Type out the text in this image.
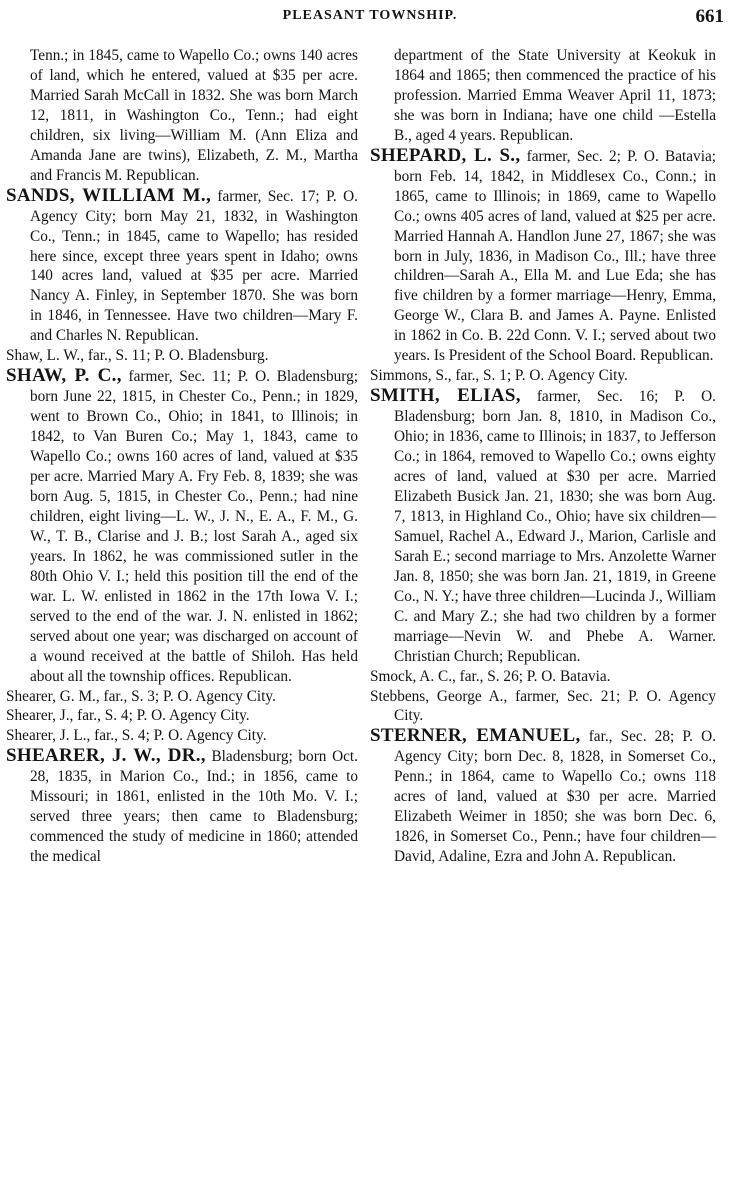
PLEASANT TOWNSHIP.	661

Tenn.; in 1845, came to Wapello Co.; owns 140 acres of land, which he entered, valued at $35 per acre. Married Sarah McCall in 1832. She was born March 12, 1811, in Washington Co., Tenn.; had eight children, six living—William M. (Ann Eliza and Amanda Jane are twins), Elizabeth, Z. M., Martha and Francis M. Republican.

SANDS, WILLIAM M., farmer, Sec. 17; P. O. Agency City; born May 21, 1832, in Washington Co., Tenn.; in 1845, came to Wapello; has resided here since, except three years spent in Idaho; owns 140 acres land, valued at $35 per acre. Married Nancy A. Finley, in September 1870. She was born in 1846, in Tennessee. Have two children—Mary F. and Charles N. Republican.

Shaw, L. W., far., S. 11; P. O. Bladensburg.

SHAW, P. C., farmer, Sec. 11; P. O. Bladensburg; born June 22, 1815, in Chester Co., Penn.; in 1829, went to Brown Co., Ohio; in 1841, to Illinois; in 1842, to Van Buren Co.; May 1, 1843, came to Wapello Co.; owns 160 acres of land, valued at $35 per acre. Married Mary A. Fry Feb. 8, 1839; she was born Aug. 5, 1815, in Chester Co., Penn.; had nine children, eight living—L. W., J. N., E. A., F. M., G. W., T. B., Clarise and J. B.; lost Sarah A., aged six years. In 1862, he was commissioned sutler in the 80th Ohio V. I.; held this position till the end of the war. L. W. enlisted in 1862 in the 17th Iowa V. I.; served to the end of the war. J. N. enlisted in 1862; served about one year; was discharged on account of a wound received at the battle of Shiloh. Has held about all the township offices. Republican.

Shearer, G. M., far., S. 3; P. O. Agency City.

Shearer, J., far., S. 4; P. O. Agency City.

Shearer, J. L., far., S. 4; P. O. Agency City.

SHEARER, J. W., DR., Bladensburg; born Oct. 28, 1835, in Marion Co., Ind.; in 1856, came to Missouri; in 1861, enlisted in the 10th Mo. V. I.; served three years; then came to Bladensburg; commenced the study of medicine in 1860; attended the medical

department of the State University at Keokuk in 1864 and 1865; then commenced the practice of his profession. Married Emma Weaver April 11, 1873; she was born in Indiana; have one child —Estella B., aged 4 years. Republican.

SHEPARD, L. S., farmer, Sec. 2; P. O. Batavia; born Feb. 14, 1842, in Middlesex Co., Conn.; in 1865, came to Illinois; in 1869, came to Wapello Co.; owns 405 acres of land, valued at $25 per acre. Married Hannah A. Handlon June 27, 1867; she was born in July, 1836, in Madison Co., Ill.; have three children—Sarah A., Ella M. and Lue Eda; she has five children by a former marriage—Henry, Emma, George W., Clara B. and James A. Payne. Enlisted in 1862 in Co. B. 22d Conn. V. I.; served about two years. Is President of the School Board. Republican.

Simmons, S., far., S. 1; P. O. Agency City.

SMITH, ELIAS, farmer, Sec. 16; P. O. Bladensburg; born Jan. 8, 1810, in Madison Co., Ohio; in 1836, came to Illinois; in 1837, to Jefferson Co.; in 1864, removed to Wapello Co.; owns eighty acres of land, valued at $30 per acre. Married Elizabeth Busick Jan. 21, 1830; she was born Aug. 7, 1813, in Highland Co., Ohio; have six children—Samuel, Rachel A., Edward J., Marion, Carlisle and Sarah E.; second marriage to Mrs. Anzolette Warner Jan. 8, 1850; she was born Jan. 21, 1819, in Greene Co., N. Y.; have three children—Lucinda J., William C. and Mary Z.; she had two children by a former marriage—Nevin W. and Phebe A. Warner. Christian Church; Republican.

Smock, A. C., far., S. 26; P. O. Batavia.

Stebbens, George A., farmer, Sec. 21; P. O. Agency City.

STERNER, EMANUEL, far., Sec. 28; P. O. Agency City; born Dec. 8, 1828, in Somerset Co., Penn.; in 1864, came to Wapello Co.; owns 118 acres of land, valued at $30 per acre. Married Elizabeth Weimer in 1850; she was born Dec. 6, 1826, in Somerset Co., Penn.; have four children—David, Adaline, Ezra and John A. Republican.
